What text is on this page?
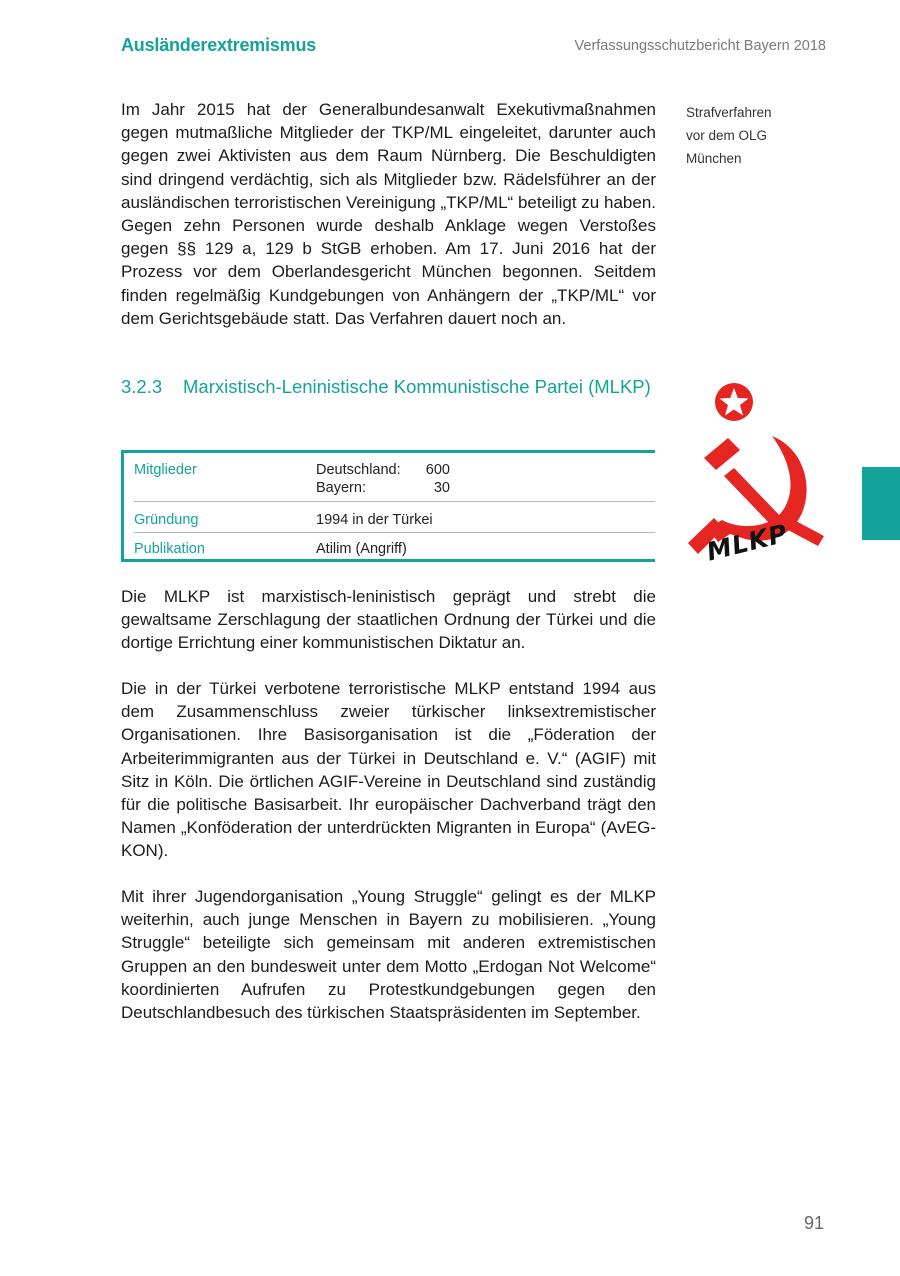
Ausländerextremismus	Verfassungsschutzbericht Bayern 2018

Im Jahr 2015 hat der Generalbundesanwalt Exekutivmaßnahmen gegen mutmaßliche Mitglieder der TKP/ML eingeleitet, darunter auch gegen zwei Aktivisten aus dem Raum Nürnberg. Die Beschuldigten sind dringend verdächtig, sich als Mitglieder bzw. Rädelsführer an der ausländischen terroristischen Vereinigung „TKP/ML“ beteiligt zu haben. Gegen zehn Personen wurde deshalb Anklage wegen Verstoßes gegen §§ 129 a, 129 b StGB erhoben. Am 17. Juni 2016 hat der Prozess vor dem Oberlandesgericht München begonnen. Seitdem finden regelmäßig Kundgebungen von Anhängern der „TKP/ML“ vor dem Gerichtsgebäude statt. Das Verfahren dauert noch an.

Strafverfahren
vor dem OLG
München
3.2.3	Marxistisch-Leninistische Kommunistische Partei (MLKP)
Mitglieder	Deutschland:	600
Bayern:	30
Gründung	1994 in der Türkei
Publikation	Atilim (Angriff)	MLKP

Die MLKP ist marxistisch-leninistisch geprägt und strebt die gewaltsame Zerschlagung der staatlichen Ordnung der Türkei und die dortige Errichtung einer kommunistischen Diktatur an.

Die in der Türkei verbotene terroristische MLKP entstand 1994 aus dem Zusammenschluss zweier türkischer linksextremistischer Organisationen. Ihre Basisorganisation ist die „Föderation der Arbeiterimmigranten aus der Türkei in Deutschland e. V.“ (AGIF) mit Sitz in Köln. Die örtlichen AGIF-Vereine in Deutschland sind zuständig für die politische Basisarbeit. Ihr europäischer Dachverband trägt den Namen „Konföderation der unterdrückten Migranten in Europa“ (AvEG-KON).

Mit ihrer Jugendorganisation „Young Struggle“ gelingt es der MLKP weiterhin, auch junge Menschen in Bayern zu mobilisieren. „Young Struggle“ beteiligte sich gemeinsam mit anderen extremistischen Gruppen an den bundesweit unter dem Motto „Erdogan Not Welcome“ koordinierten Aufrufen zu Protestkundgebungen gegen den Deutschlandbesuch des türkischen Staatspräsidenten im September.

91
